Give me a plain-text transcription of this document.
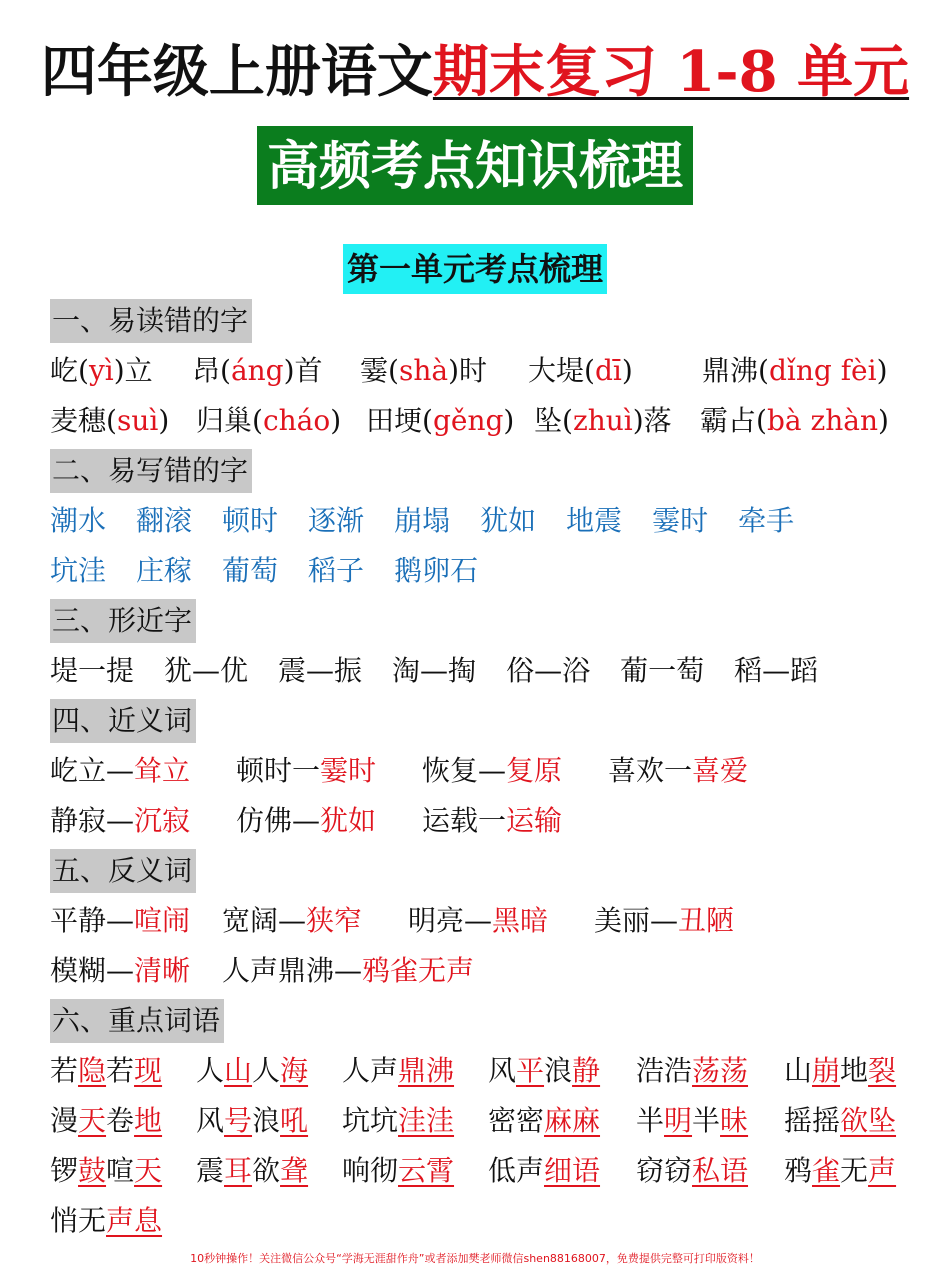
四年级上册语文期末复习 1-8 单元
高频考点知识梳理
第一单元考点梳理
一、易读错的字
屹(yì)立 昂(áng)首 霎(shà)时 大堤(dī) 鼎沸(dǐng fèi)
麦穗(suì) 归巢(cháo) 田埂(gěng) 坠(zhuì)落 霸占(bà zhàn)
二、易写错的字
潮水 翻滚 顿时 逐渐 崩塌 犹如 地震 霎时 牵手
坑洼 庄稼 葡萄 稻子 鹅卵石
三、形近字
堤一提 犹—优 震—振 淘—掏 俗—浴 葡一萄 稻—蹈
四、近义词
屹立—耸立 顿时一霎时 恢复—复原 喜欢一喜爱
静寂—沉寂 仿佛—犹如 运载一运输
五、反义词
平静—喧闹 宽阔—狭窄 明亮—黑暗 美丽—丑陋
模糊—清晰 人声鼎沸—鸦雀无声
六、重点词语
若隐若现 人山人海 人声鼎沸 风平浪静 浩浩荡荡 山崩地裂
漫天卷地 风号浪吼 坑坑洼洼 密密麻麻 半明半昧 摇摇欲坠
锣鼓喧天 震耳欲聋 响彻云霄 低声细语 窃窃私语 鸦雀无声
悄无声息
10秒钟操作！关注微信公众号“学海无涯甜作舟”或者添加樊老师微信shen88168007，免费提供完整可打印版资料！
